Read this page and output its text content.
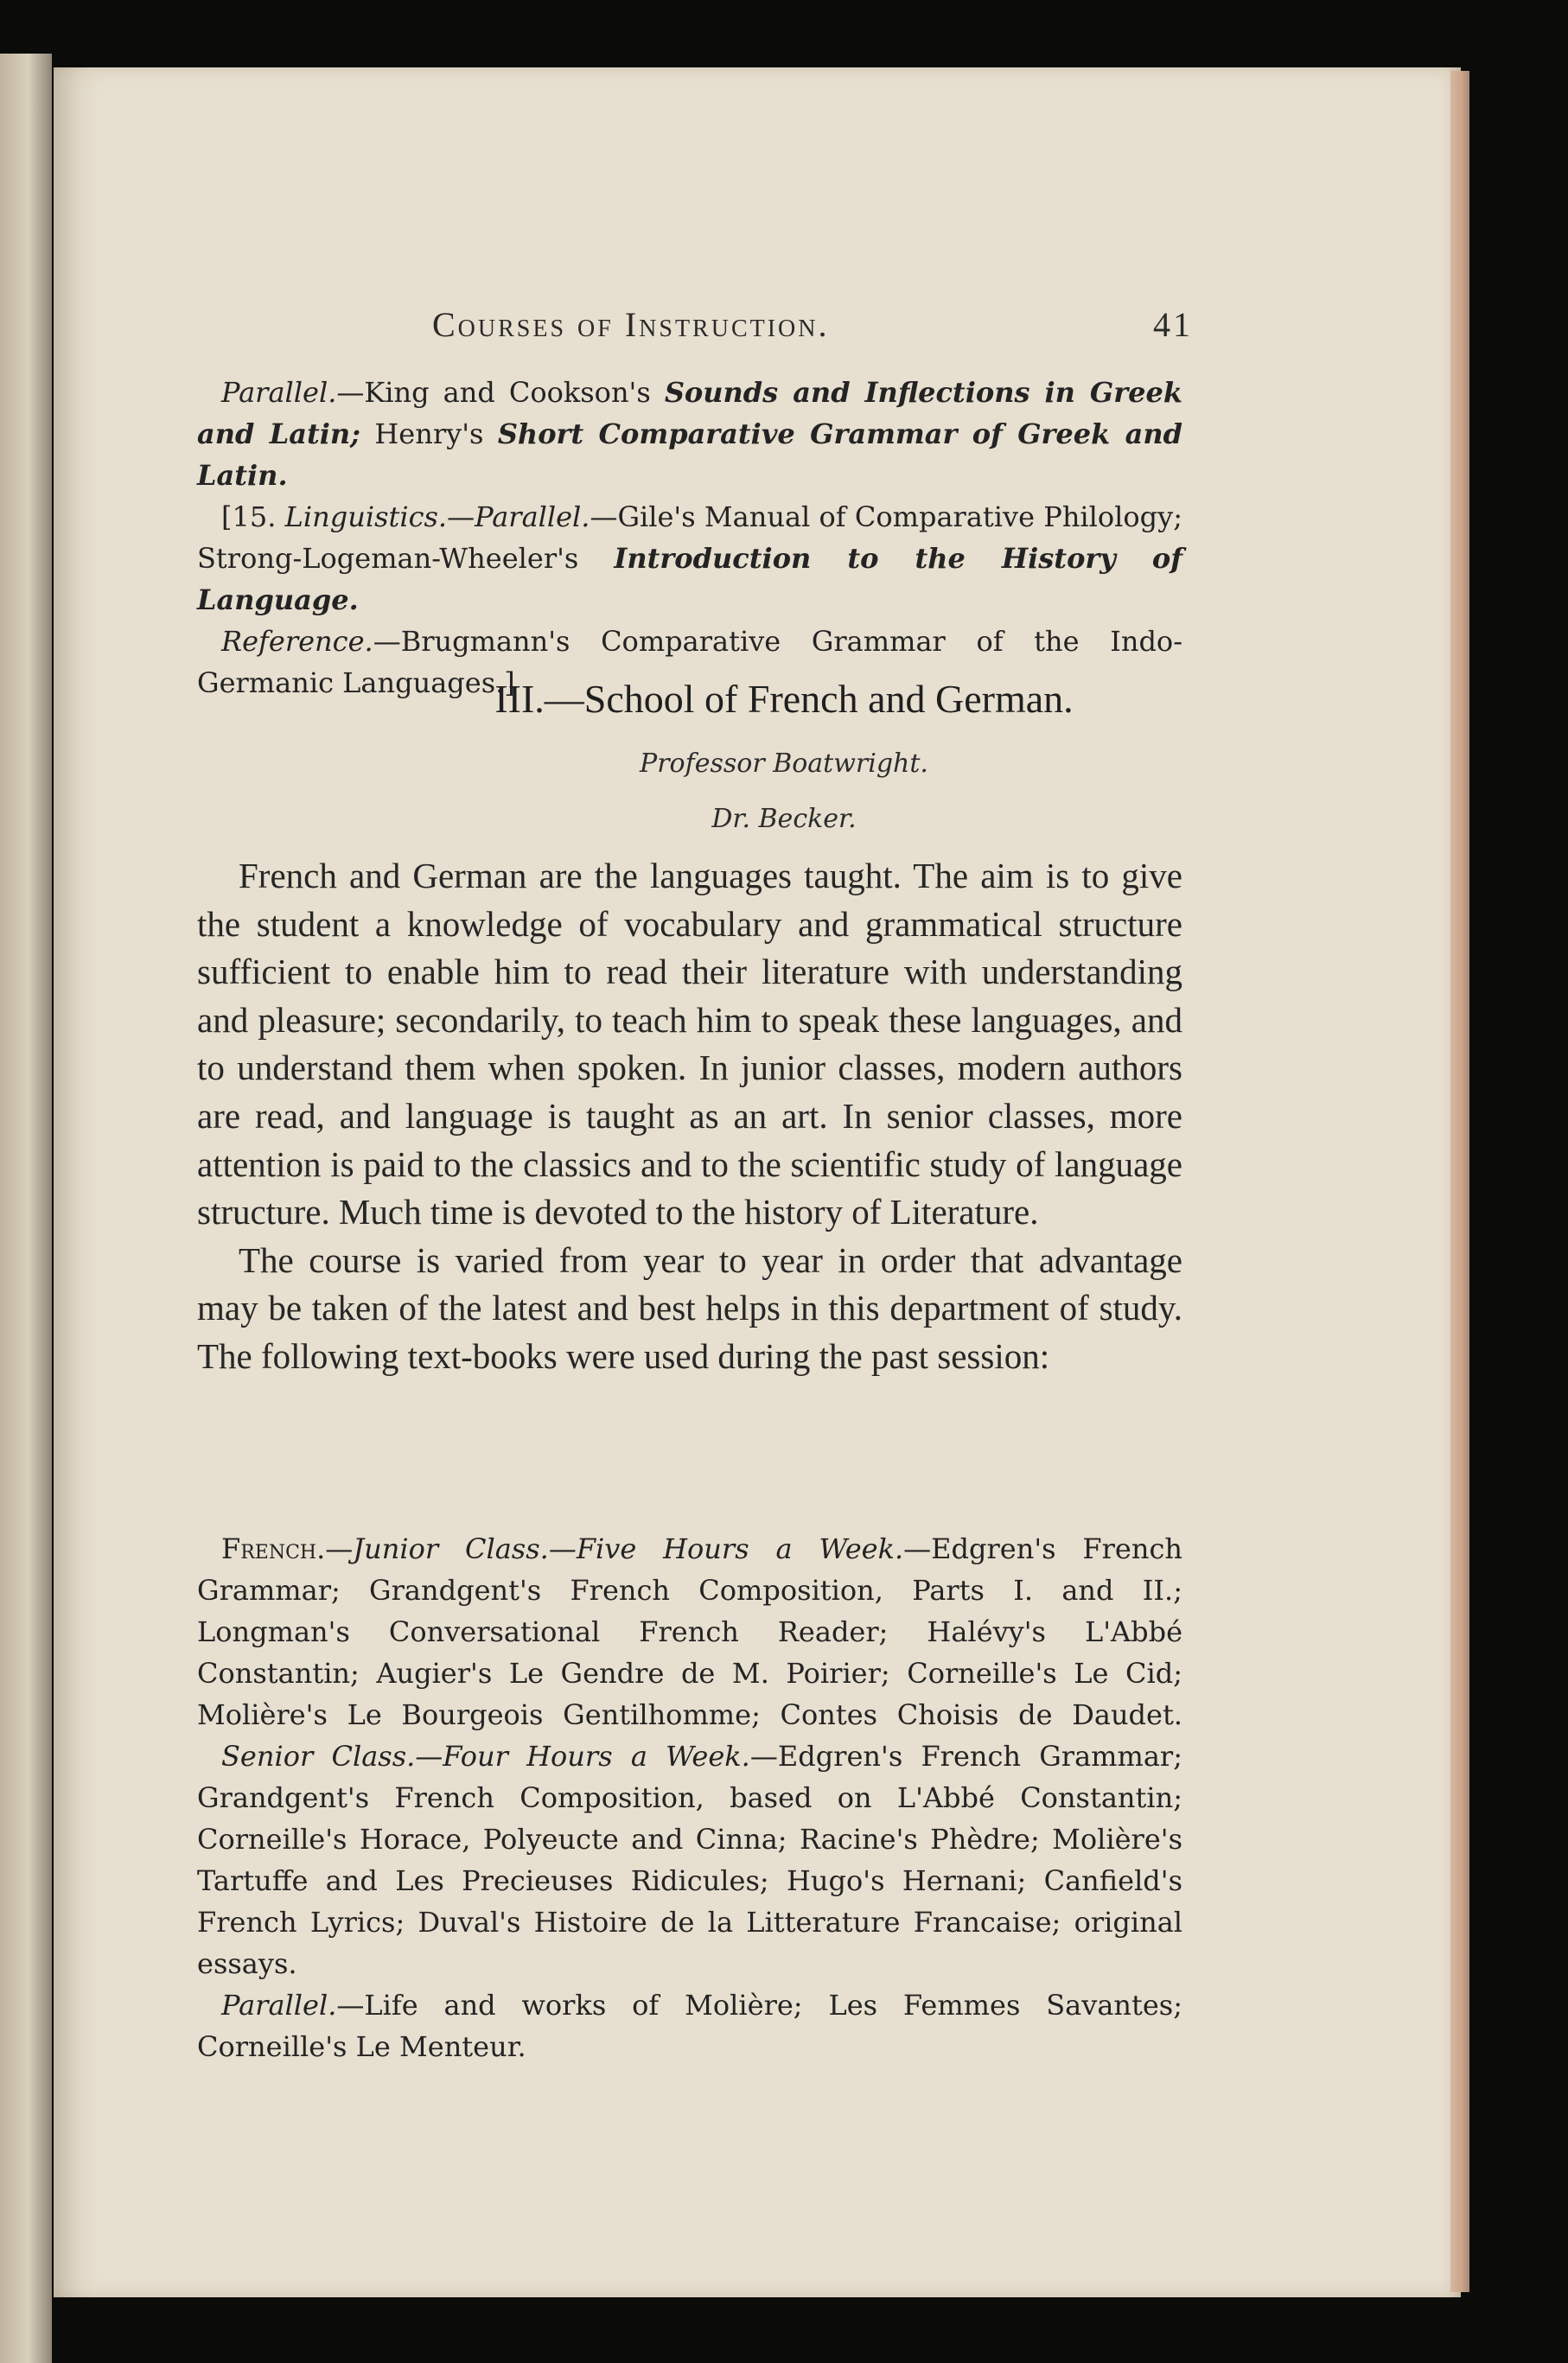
Courses of Instruction.	41

Parallel.—King and Cookson's Sounds and Inflections in Greek and Latin; Henry's Short Comparative Grammar of Greek and Latin.

[15. Linguistics.—Parallel.—Gile's Manual of Comparative Philology; Strong-Logeman-Wheeler's Introduction to the History of Language.

Reference.—Brugmann's Comparative Grammar of the Indo-Germanic Languages.]

III.—School of French and German.
Professor Boatwright.
Dr. Becker.

French and German are the languages taught. The aim is to give the student a knowledge of vocabulary and grammatical structure sufficient to enable him to read their literature with understanding and pleasure; secondarily, to teach him to speak these languages, and to understand them when spoken. In junior classes, modern authors are read, and language is taught as an art. In senior classes, more attention is paid to the classics and to the scientific study of language structure. Much time is devoted to the history of Literature.

The course is varied from year to year in order that advantage may be taken of the latest and best helps in this department of study. The following text-books were used during the past session:

French.—Junior Class.—Five Hours a Week.—Edgren's French Grammar; Grandgent's French Composition, Parts I. and II.; Longman's Conversational French Reader; Halévy's L'Abbé Constantin; Augier's Le Gendre de M. Poirier; Corneille's Le Cid; Molière's Le Bourgeois Gentilhomme; Contes Choisis de Daudet.

Senior Class.—Four Hours a Week.—Edgren's French Grammar; Grandgent's French Composition, based on L'Abbé Constantin; Corneille's Horace, Polyeucte and Cinna; Racine's Phèdre; Molière's Tartuffe and Les Precieuses Ridicules; Hugo's Hernani; Canfield's French Lyrics; Duval's Histoire de la Litterature Francaise; original essays.

Parallel.—Life and works of Molière; Les Femmes Savantes; Corneille's Le Menteur.
